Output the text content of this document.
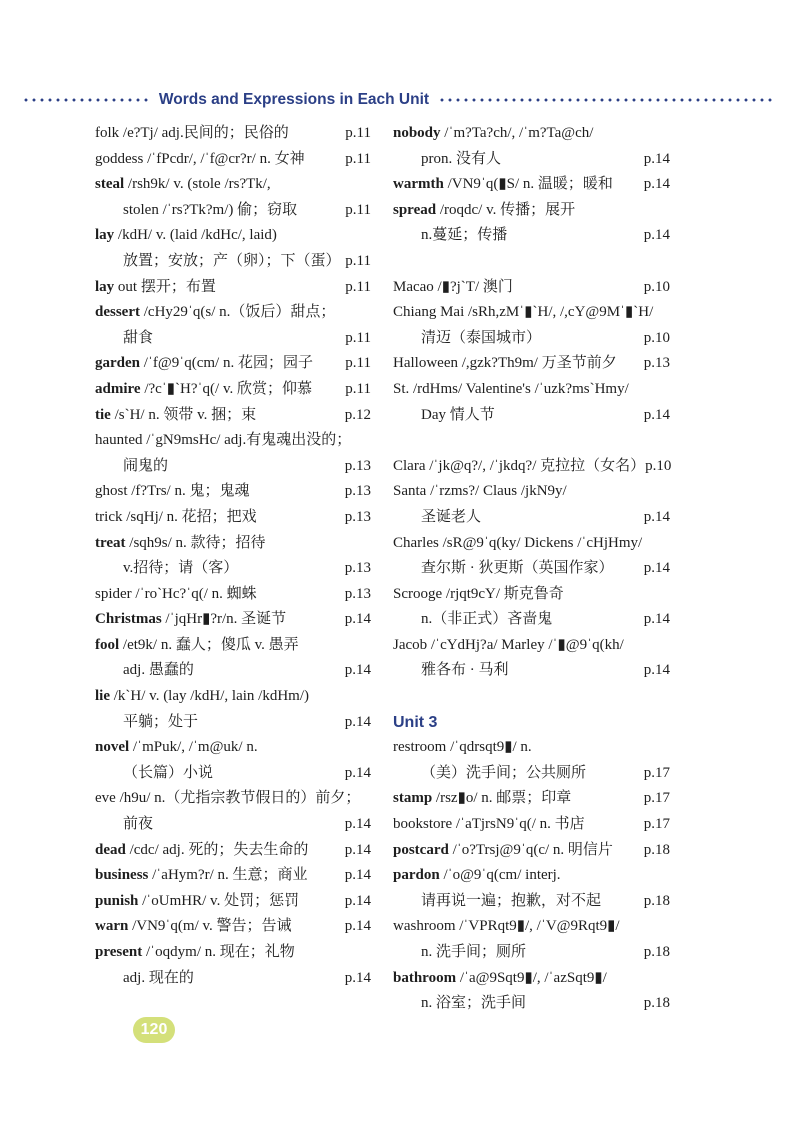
Words and Expressions in Each Unit
folk /e?Tj/ adj.民间的；民俗的	p.11
goddess /ˈfPcdr/, /ˈf@cr?r/ n. 女神	p.11
steal /rsh9k/ v. (stole /rs?Tk/,
stolen /ˈrs?Tk?m/) 偷；窃取	p.11
lay /kdH/ v. (laid /kdHc/, laid)
放置；安放；产（卵）；下（蛋） p.11
lay out 摆开；布置	p.11
dessert /cHy29ˈq(s/ n.（饭后）甜点；
甜食	p.11
garden /ˈf@9ˈq(cm/ n. 花园；园子 p.11
admire /?cˈ▮ˋH?ˈq(/ v. 欣赏；仰慕 p.11
tie /sˋH/ n. 领带 v. 捆；束	p.12
haunted /ˈgN9msHc/ adj.有鬼魂出没的；
闹鬼的	p.13
ghost /f?Trs/ n. 鬼；鬼魂	p.13
trick /sqHj/ n. 花招；把戏	p.13
treat /sqh9s/ n. 款待；招待
v.招待；请（客）	p.13
spider /ˈro`Hc?ˈq(/ n. 蜘蛛	p.13
Christmas /ˈjqHr▮?r/n. 圣诞节	p.14
fool /et9k/ n. 蠢人；傻瓜 v. 愚弄
adj. 愚蠢的	p.14
lie /kˋH/ v. (lay /kdH/, lain /kdHm/)
平躺；处于	p.14
novel /ˈmPuk/, /ˈm@uk/ n.
（长篇）小说	p.14
eve /h9u/ n.（尤指宗教节假日的）前夕；
前夜	p.14
dead /cdc/ adj. 死的；失去生命的 p.14
business /ˈaHym?r/ n. 生意；商业 p.14
punish /ˈoUmHR/ v. 处罚；惩罚	p.14
warn /VN9ˈq(m/ v. 警告；告诫	p.14
present /ˈoqdym/ n. 现在；礼物
adj. 现在的	p.14
nobody /ˈm?Ta?ch/, /ˈm?Ta@ch/
pron. 没有人	p.14
warmth /VN9ˈq(▮S/ n. 温暖；暖和 p.14
spread /roqdc/ v. 传播；展开
n.蔓延；传播	p.14
Macao /▮?jˋT/ 澳门	p.10
Chiang Mai /sRh,zMˈ▮ˋH/, /,cY@9Mˈ▮ˋH/
清迈（泰国城市）	p.10
Halloween /,gzk?Th9m/ 万圣节前夕 p.13
St. /rdHms/ Valentine's /ˈuzk?ms`Hmy/
Day 情人节	p.14
Clara /ˈjk@q?/, /ˈjkdq?/ 克拉拉（女名） p.10
Santa /ˈrzms?/ Claus /jkN9y/
圣诞老人	p.14
Charles /sR@9ˈq(ky/ Dickens /ˈcHjHmy/
查尔斯 · 狄更斯（英国作家） p.14
Scrooge /rjqt9cY/ 斯克鲁奇
n.（非正式）吝啬鬼	p.14
Jacob /ˈcYdHj?a/ Marley /ˈ▮@9ˈq(kh/
雅各布 · 马利	p.14
Unit 3
restroom /ˈqdrsqt9▮/ n.
（美）洗手间；公共厕所	p.17
stamp /rsz▮o/ n. 邮票；印章	p.17
bookstore /ˈaTjrsN9ˈq(/ n. 书店	p.17
postcard /ˈo?Trsj@9ˈq(c/ n. 明信片 p.18
pardon /ˈo@9ˈq(cm/ interj.
请再说一遍；抱歉，对不起	p.18
washroom /ˈVPRqt9▮/, /ˈV@9Rqt9▮/
n. 洗手间；厕所	p.18
bathroom /ˈa@9Sqt9▮/, /ˈazSqt9▮/
n. 浴室；洗手间	p.18
120
